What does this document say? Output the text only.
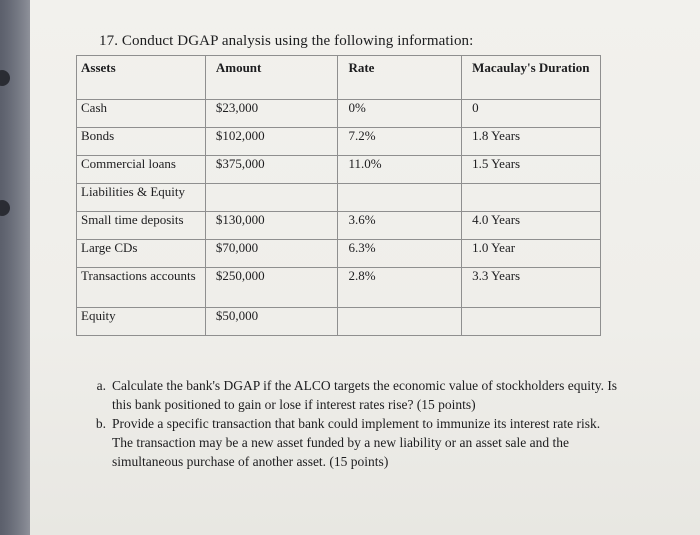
17. Conduct DGAP analysis using the following information:
Assets	Amount	Rate	Macaulay's Duration
Cash	$23,000	0%	0
Bonds	$102,000	7.2%	1.8 Years
Commercial loans	$375,000	11.0%	1.5 Years
Liabilities & Equity			
Small time deposits	$130,000	3.6%	4.0 Years
Large CDs	$70,000	6.3%	1.0 Year
Transactions accounts	$250,000	2.8%	3.3 Years
Equity	$50,000		
a. Calculate the bank's DGAP if the ALCO targets the economic value of stockholders equity. Is this bank positioned to gain or lose if interest rates rise? (15 points)
b. Provide a specific transaction that bank could implement to immunize its interest rate risk. The transaction may be a new asset funded by a new liability or an asset sale and the simultaneous purchase of another asset. (15 points)
